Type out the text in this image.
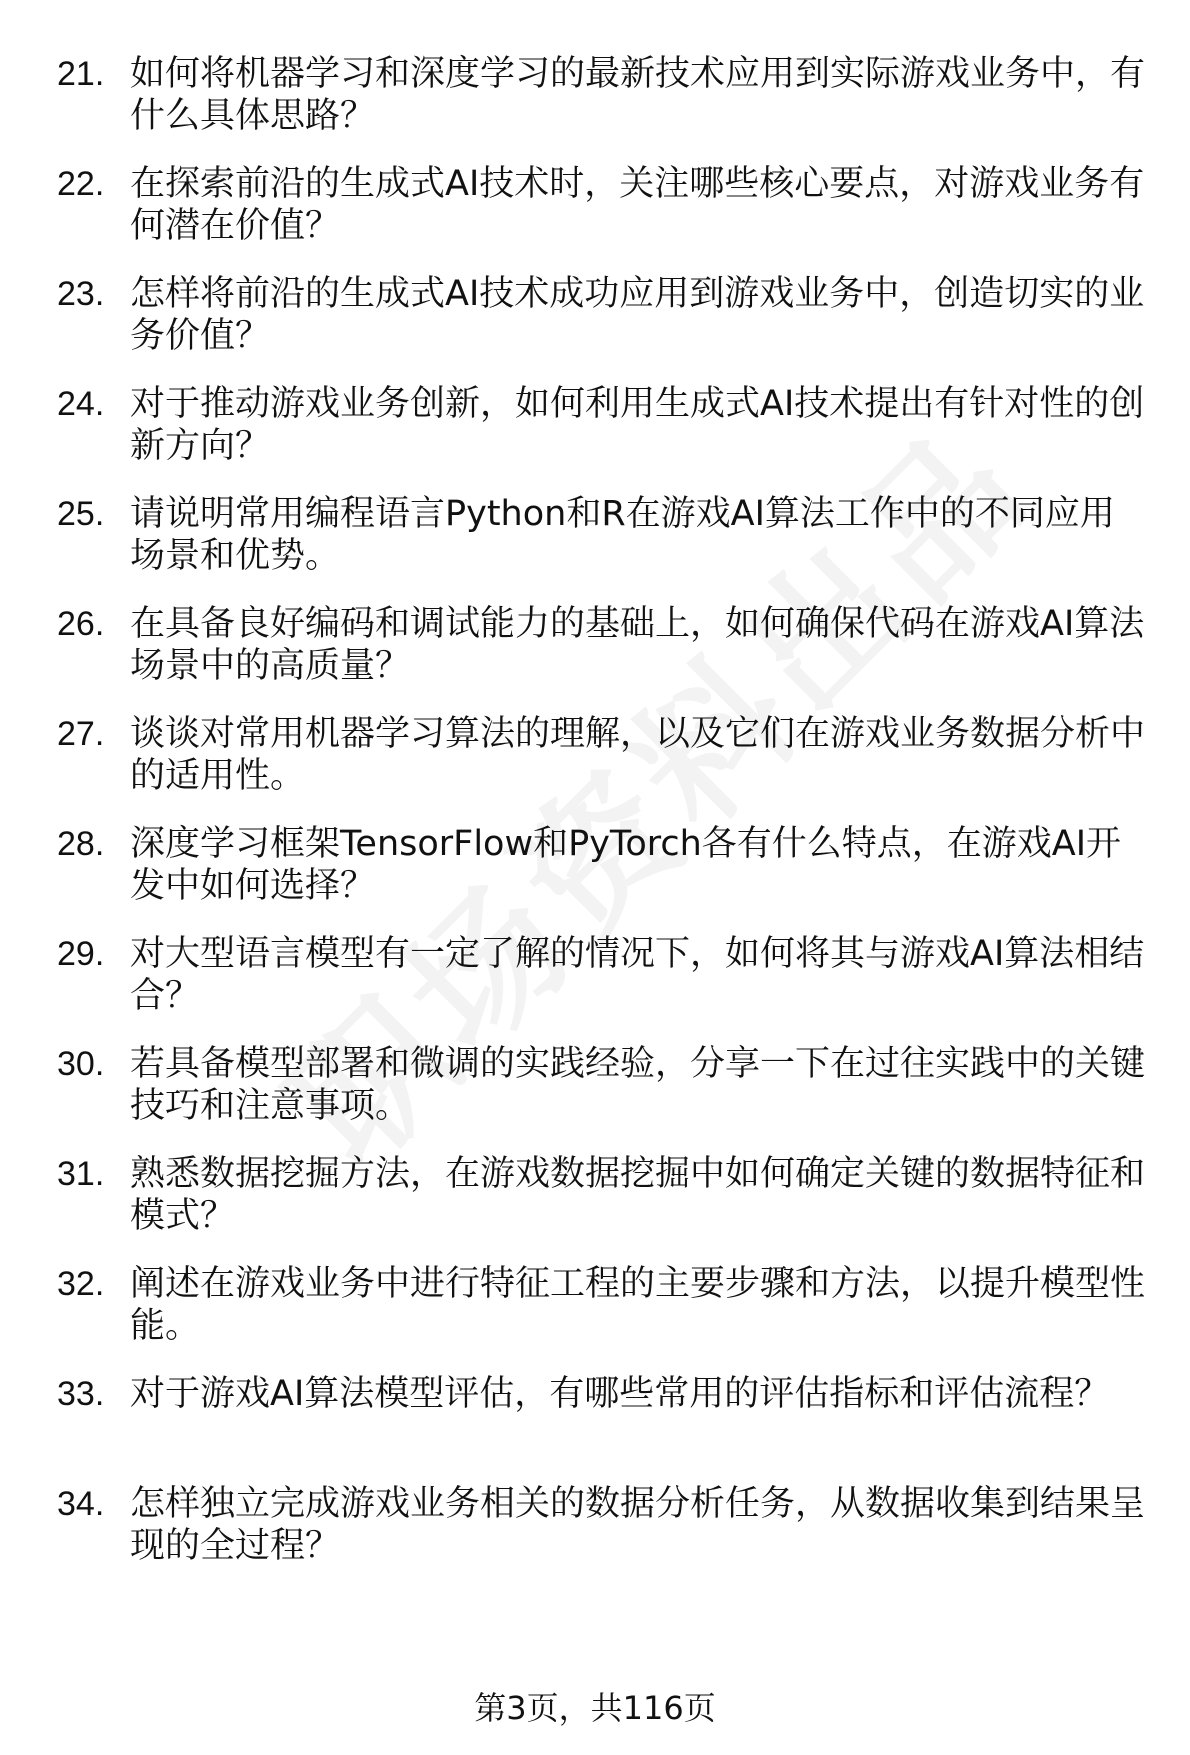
21. 如何将机器学习和深度学习的最新技术应用到实际游戏业务中，有什么具体思路？
22. 在探索前沿的生成式AI技术时，关注哪些核心要点，对游戏业务有何潜在价值？
23. 怎样将前沿的生成式AI技术成功应用到游戏业务中，创造切实的业务价值？
24. 对于推动游戏业务创新，如何利用生成式AI技术提出有针对性的创新方向？
25. 请说明常用编程语言Python和R在游戏AI算法工作中的不同应用场景和优势。
26. 在具备良好编码和调试能力的基础上，如何确保代码在游戏AI算法场景中的高质量？
27. 谈谈对常用机器学习算法的理解，以及它们在游戏业务数据分析中的适用性。
28. 深度学习框架TensorFlow和PyTorch各有什么特点，在游戏AI开发中如何选择？
29. 对大型语言模型有一定了解的情况下，如何将其与游戏AI算法相结合？
30. 若具备模型部署和微调的实践经验，分享一下在过往实践中的关键技巧和注意事项。
31. 熟悉数据挖掘方法，在游戏数据挖掘中如何确定关键的数据特征和模式？
32. 阐述在游戏业务中进行特征工程的主要步骤和方法，以提升模型性能。
33. 对于游戏AI算法模型评估，有哪些常用的评估指标和评估流程？
34. 怎样独立完成游戏业务相关的数据分析任务，从数据收集到结果呈现的全过程？
第3页，共116页
